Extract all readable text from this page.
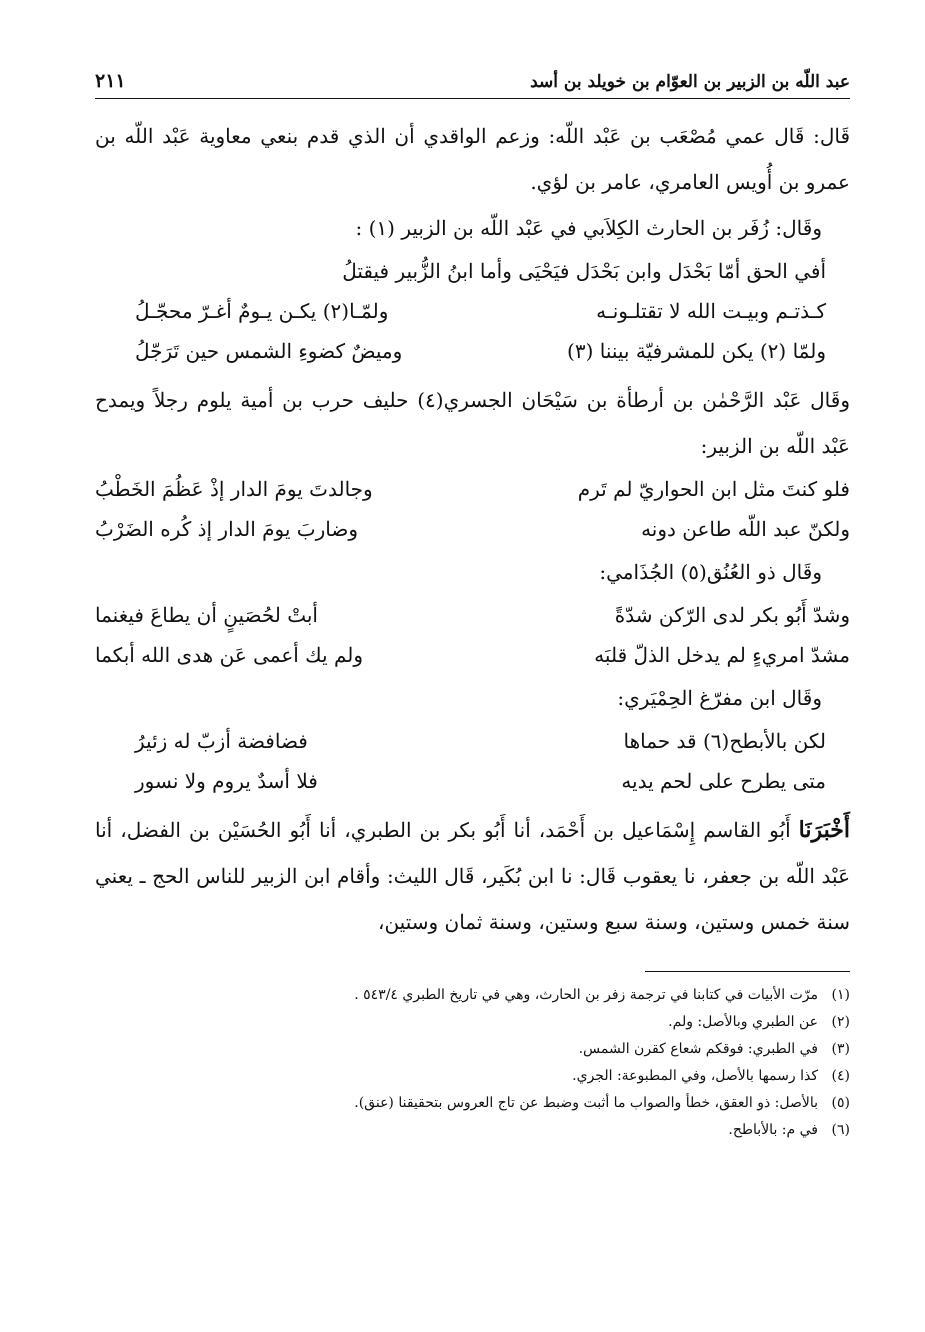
عبد اللّه بن الزبير بن العوّام بن خويلد بن أسد
٢١١

قَال: قَال عمي مُصْعَب بن عَبْد اللّه: وزعم الواقدي أن الذي قدم بنعي معاوية عَبْد اللّه بن عمرو بن أُويس العامري، عامر بن لؤي.

وقَال: زُفَر بن الحارث الكِلاَبي في عَبْد اللّه بن الزبير (١) :

أفي الحق أمّا بَحْدَل وابن بَحْدَل فيَحْيَى وأما ابنُ الزُّبير فيقتلُ
كـذتـم وبيـت الله لا تقتلـونـه
ولمّـا(٢) يكـن يـومٌ أغـرّ محجّـلُ
ولمّا (٢) يكن للمشرفيّة بيننا (٣)
وميضٌ كضوءِ الشمس حين تَرَجّلُ

وقَال عَبْد الرَّحْمٰن بن أرطأة بن سَيْحَان الجسري(٤) حليف حرب بن أمية يلوم رجلاً ويمدح عَبْد اللّه بن الزبير:

فلو كنتَ مثل ابن الحواريّ لم تَرم
وجالدتَ يومَ الدار إذْ عَظُمَ الخَطْبُ
ولكنّ عبد اللّه طاعن دونه
وضاربَ يومَ الدار إذ كُره الضَرْبُ

وقَال ذو العُنُق(٥) الجُذَامي:

وشدّ أَبُو بكر لدى الرّكن شدّةً
أبتْ لحُصَينٍ أن يطاعَ فيغنما
مشدّ امريءٍ لم يدخل الذلّ قلبَه
ولم يك أعمى عَن هدى الله أبكما

وقَال ابن مفرّغ الحِمْيَري:

لكن بالأبطح(٦) قد حماها
فضافضة أزبّ له زئيرُ
متى يطرح على لحم يديه
فلا أسدٌ يروم ولا نسور

أَخْبَرَنَا أَبُو القاسم إِسْمَاعيل بن أَحْمَد، أنا أَبُو بكر بن الطبري، أنا أَبُو الحُسَيْن بن الفضل، أنا عَبْد اللّه بن جعفر، نا يعقوب قَال: نا ابن بُكَير، قَال الليث: وأقام ابن الزبير للناس الحج ـ يعني سنة خمس وستين، وسنة سبع وستين، وسنة ثمان وستين،

(١)
مرّت الأبيات في كتابنا في ترجمة زفر بن الحارث، وهي في تاريخ الطبري ٥٤٣/٤ .
(٢)
عن الطبري وبالأصل: ولم.
(٣)
في الطبري: فوقكم شعاع كقرن الشمس.
(٤)
كذا رسمها بالأصل، وفي المطبوعة: الجري.
(٥)
بالأصل: ذو العقق، خطأ والصواب ما أثبت وضبط عن تاج العروس بتحقيقنا (عنق).
(٦)
في م: بالأباطح.
